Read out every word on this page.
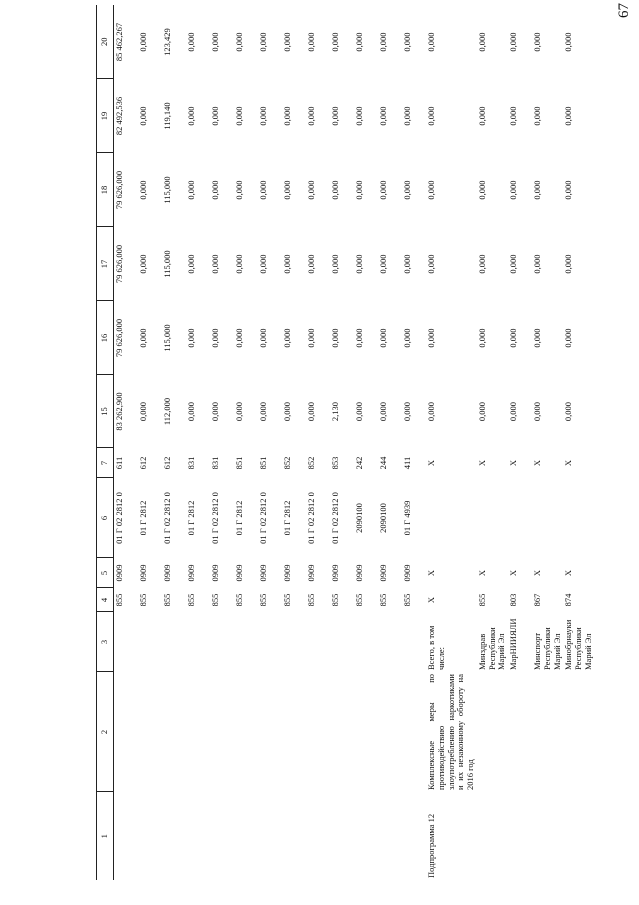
67
1	2	3	4	5	6	7	15	16	17	18	19	20
			855	0909	01 Г 02 2812 0	611	83 262,900	79 626,000	79 626,000	79 626,000	82 492,536	85 462,267
			855	0909	01 Г 2812	612	0,000	0,000	0,000	0,000	0,000	0,000
			855	0909	01 Г 02 2812 0	612	112,000	115,000	115,000	115,000	119,140	123,429
			855	0909	01 Г 2812	831	0,000	0,000	0,000	0,000	0,000	0,000
			855	0909	01 Г 02 2812 0	831	0,000	0,000	0,000	0,000	0,000	0,000
			855	0909	01 Г 2812	851	0,000	0,000	0,000	0,000	0,000	0,000
			855	0909	01 Г 02 2812 0	851	0,000	0,000	0,000	0,000	0,000	0,000
			855	0909	01 Г 2812	852	0,000	0,000	0,000	0,000	0,000	0,000
			855	0909	01 Г 02 2812 0	852	0,000	0,000	0,000	0,000	0,000	0,000
			855	0909	01 Г 02 2812 0	853	2,130	0,000	0,000	0,000	0,000	0,000
			855	0909	2090100	242	0,000	0,000	0,000	0,000	0,000	0,000
			855	0909	2090100	244	0,000	0,000	0,000	0,000	0,000	0,000
			855	0909	01 Г 4939	411	0,000	0,000	0,000	0,000	0,000	0,000
Подпрограмма 12	Комплексные меры по противодействию злоупотреблению наркотиками и их незаконному обороту на 2016 год	Всего, в том числе:	Х	Х		Х	0,000	0,000	0,000	0,000	0,000	0,000
		Минздрав Республики Марий Эл	855	Х		Х	0,000	0,000	0,000	0,000	0,000	0,000
		МарНИИЯЛИ	803	Х		Х	0,000	0,000	0,000	0,000	0,000	0,000
		Минспорт Республики Марий Эл	867	Х		Х	0,000	0,000	0,000	0,000	0,000	0,000
		Минобрнауки Республики Марий Эл	874	Х		Х	0,000	0,000	0,000	0,000	0,000	0,000
